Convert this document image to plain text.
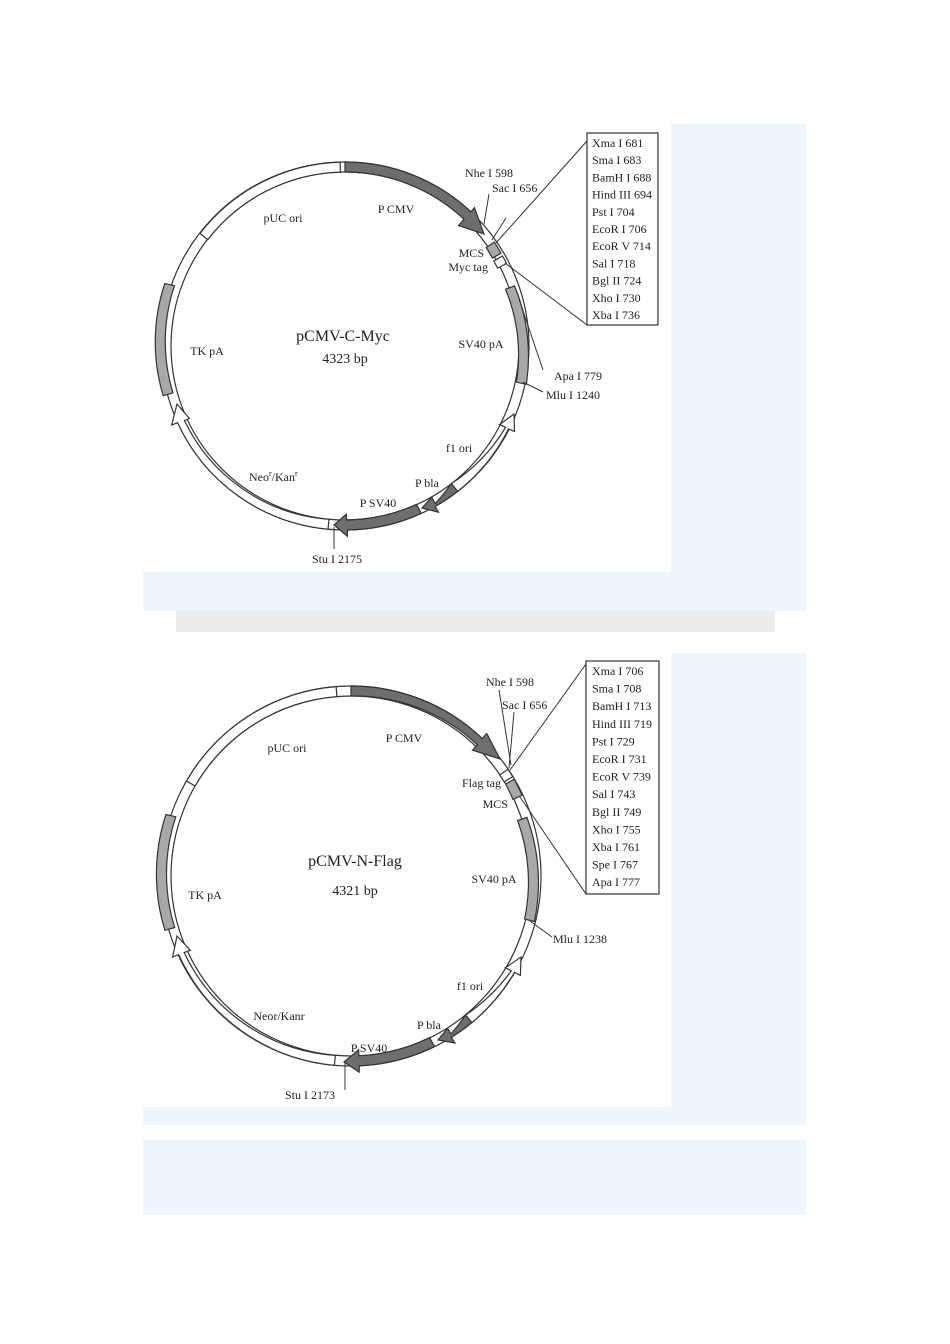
Xma I 681
Sma I 683
BamH I 688
Hind III 694
Pst I 704
EcoR I 706
EcoR V 714
Sal I 718
Bgl II 724
Xho I 730
Xba I 736
pCMV-C-Myc
4323 bp
P CMV
pUC ori
TK pA
Neo$^r$/Kan$^r$
SV40 pA
f1 ori
P bla
P SV40
MCS
Myc tag
Nhe I 598
Sac I 656
Apa I 779
Mlu I 1240
Stu I 2175
Xma I 706
Sma I 708
BamH I 713
Hind III 719
Pst I 729
EcoR I 731
EcoR V 739
Sal I 743
Bgl II 749
Xho I 755
Xba I 761
Spe I 767
Apa I 777
pCMV-N-Flag
4321 bp
P CMV
pUC ori
TK pA
Neor/Kanr
SV40 pA
f1 ori
P bla
P SV40
Flag tag
MCS
Nhe I 598
Sac I 656
Mlu I 1238
Stu I 2173
